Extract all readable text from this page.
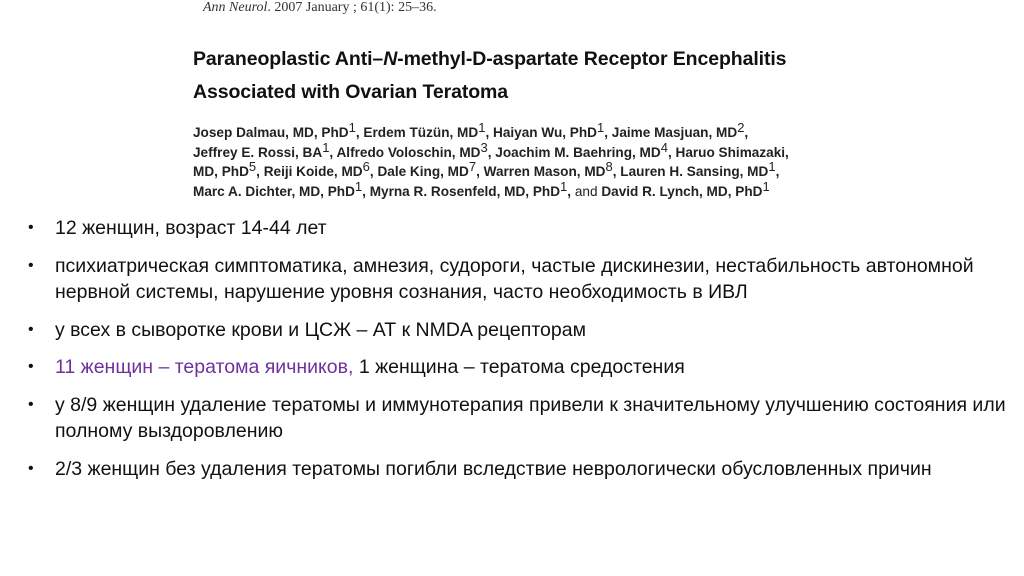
Ann Neurol. 2007 January ; 61(1): 25–36.
Paraneoplastic Anti–N-methyl-D-aspartate Receptor Encephalitis
Associated with Ovarian Teratoma
Josep Dalmau, MD, PhD$^1$, Erdem Tüzün, $MD^1$, Haiyan Wu, PhD$^1$, Jaime Masjuan, $MD^2$,
Jeffrey E. Rossi, $BA^1$, Alfredo Voloschin, $MD^3$, Joachim M. Baehring, $MD^4$, Haruo Shimazaki,
MD, PhD$^5$, Reiji Koide, $MD^6$, Dale King, $MD^7$, Warren Mason, $MD^8$, Lauren H. Sansing, $MD^1$,
Marc A. Dichter, MD, PhD$^1$, Myrna R. Rosenfeld, MD, PhD$^1$, and David R. Lynch, MD, PhD$^1$
• 12 женщин, возраст 14-44 лет
• психиатрическая симптоматика, амнезия, судороги, частые дискинезии, нестабильность автономной нервной системы, нарушение уровня сознания, часто необходимость в ИВЛ
• у всех в сыворотке крови и ЦСЖ – АТ к NMDA рецепторам
• 11 женщин – тератома яичников, 1 женщина – тератома средостения
• у 8/9 женщин удаление тератомы и иммунотерапия привели к значительному улучшению состояния или полному выздоровлению
• 2/3 женщин без удаления тератомы погибли вследствие неврологически обусловленных причин
